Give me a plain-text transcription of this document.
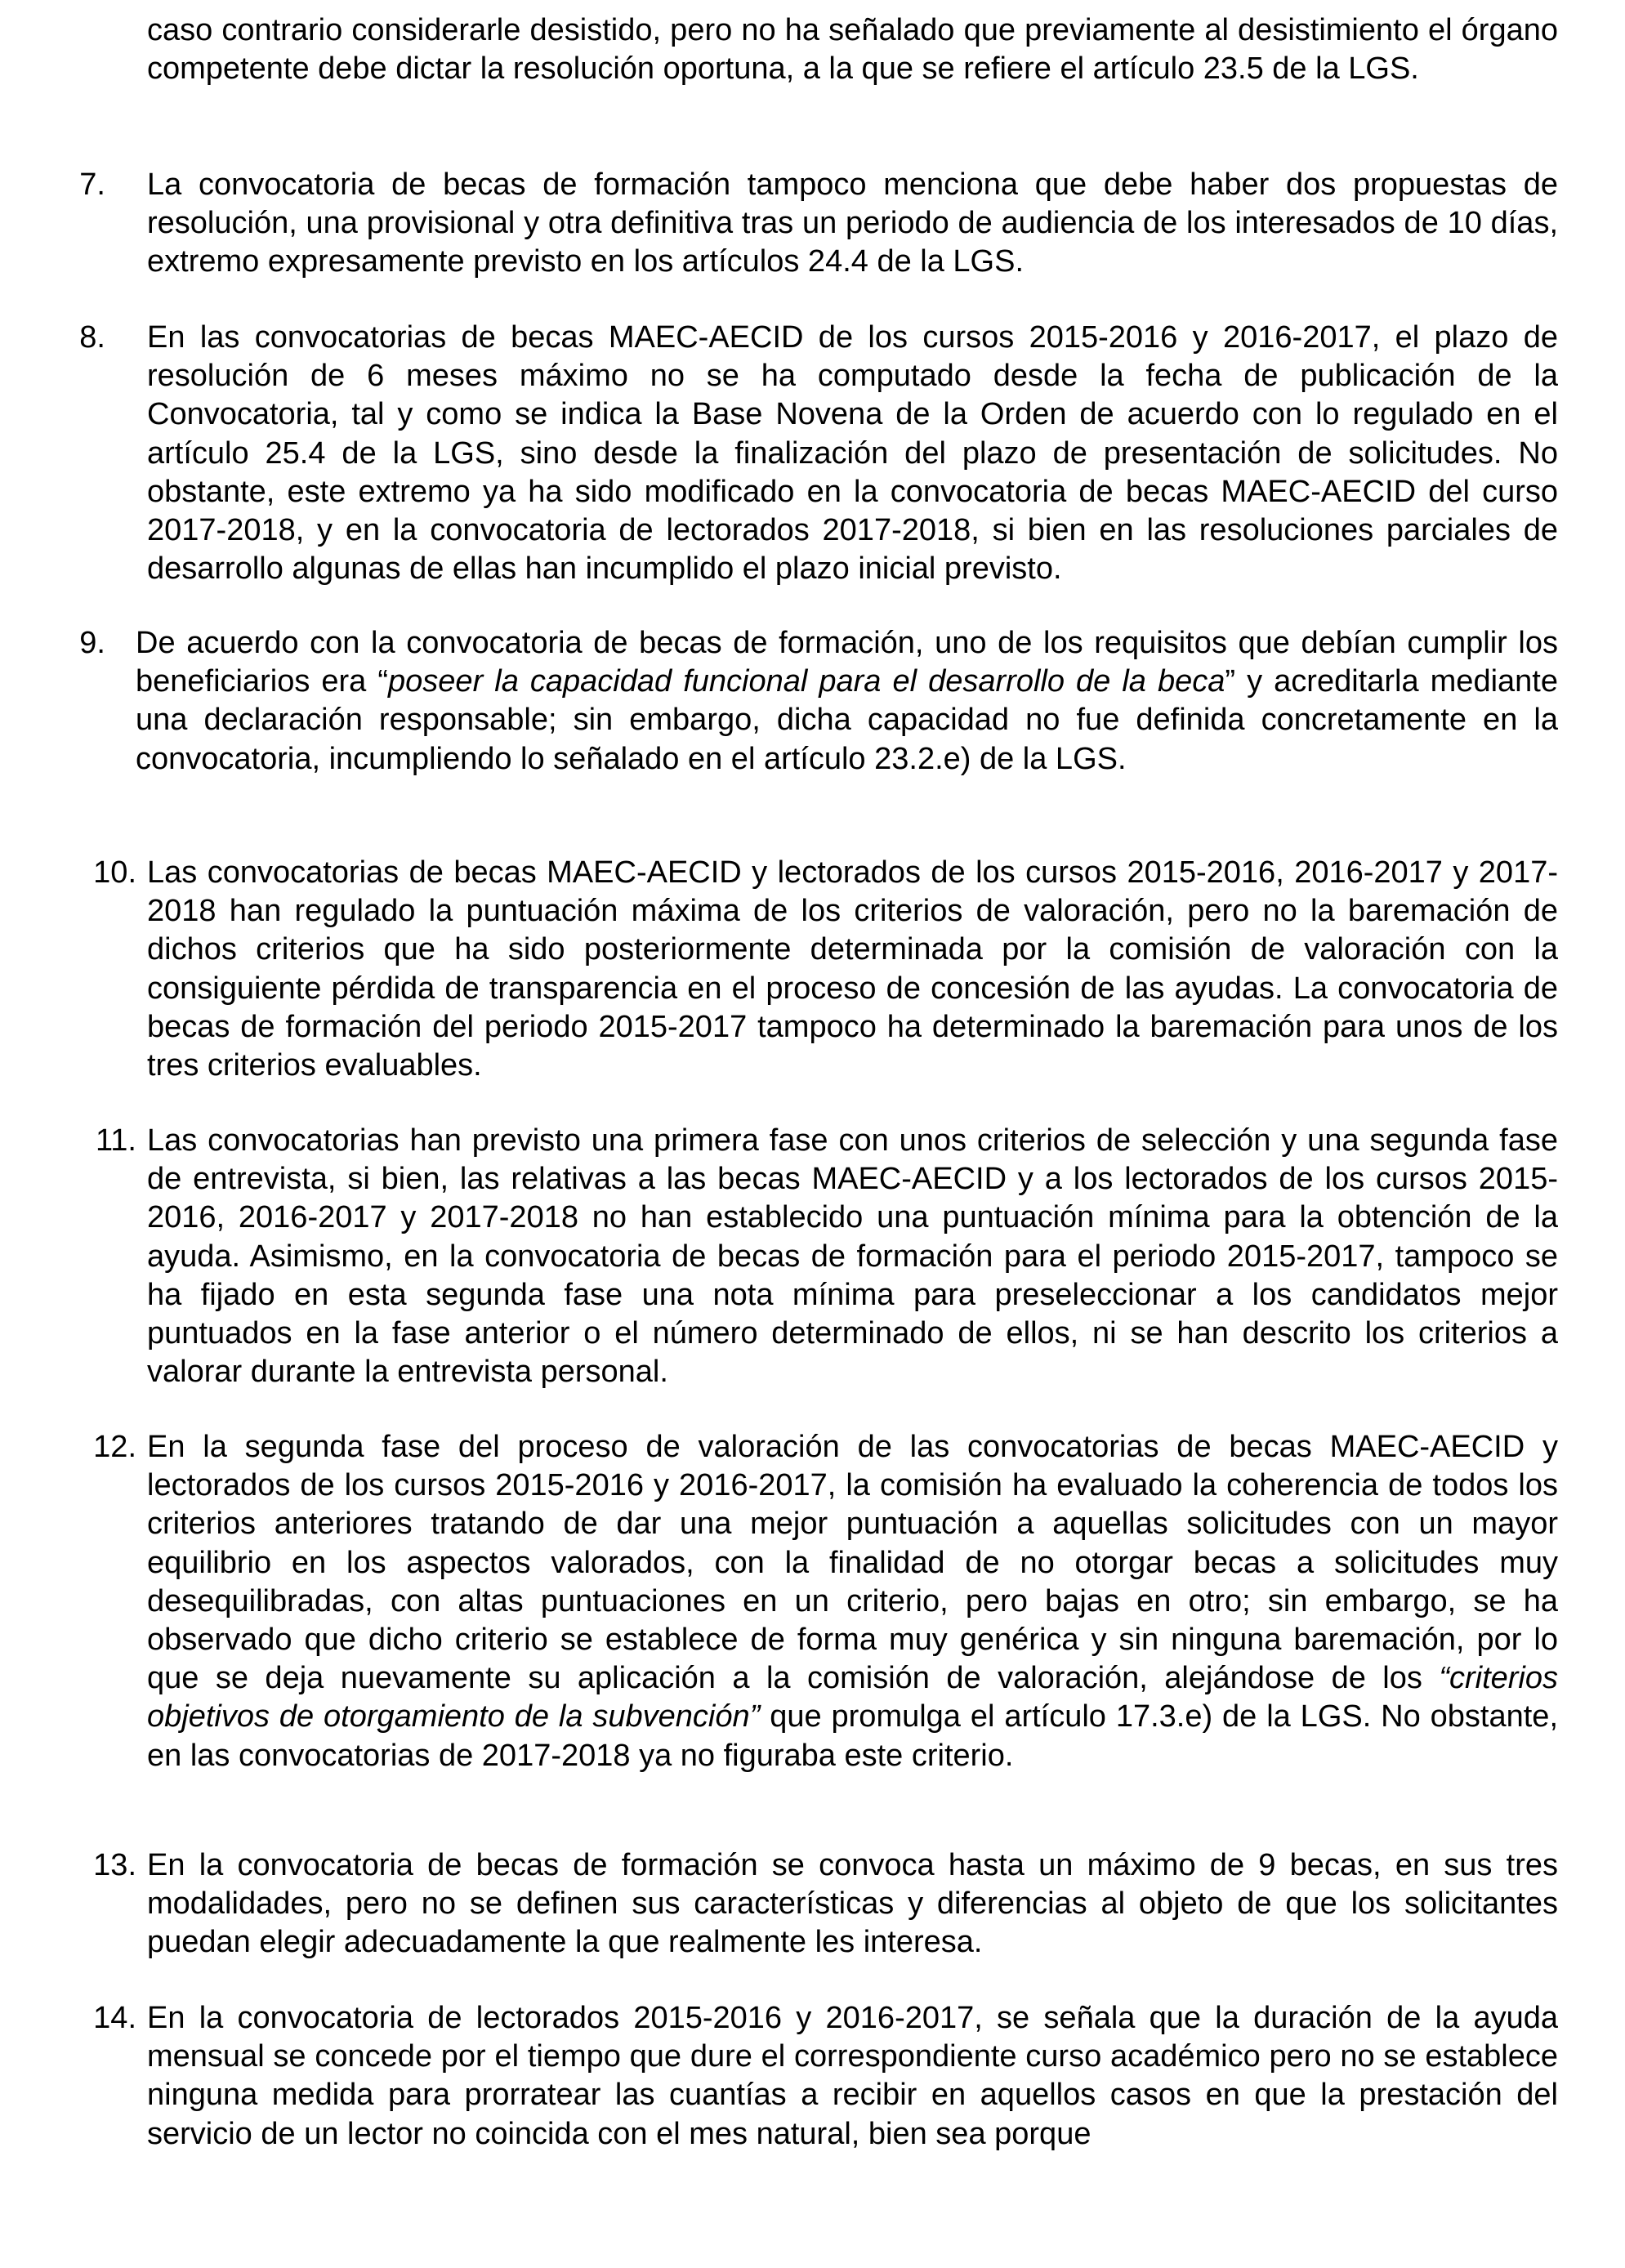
caso contrario considerarle desistido, pero no ha señalado que previamente al desistimiento el órgano competente debe dictar la resolución oportuna, a la que se refiere el artículo 23.5 de la LGS.

7. La convocatoria de becas de formación tampoco menciona que debe haber dos propuestas de resolución, una provisional y otra definitiva tras un periodo de audiencia de los interesados de 10 días, extremo expresamente previsto en los artículos 24.4 de la LGS.

8. En las convocatorias de becas MAEC-AECID de los cursos 2015-2016 y 2016-2017, el plazo de resolución de 6 meses máximo no se ha computado desde la fecha de publicación de la Convocatoria, tal y como se indica la Base Novena de la Orden de acuerdo con lo regulado en el artículo 25.4 de la LGS, sino desde la finalización del plazo de presentación de solicitudes. No obstante, este extremo ya ha sido modificado en la convocatoria de becas MAEC-AECID del curso 2017-2018, y en la convocatoria de lectorados 2017-2018, si bien en las resoluciones parciales de desarrollo algunas de ellas han incumplido el plazo inicial previsto.

9. De acuerdo con la convocatoria de becas de formación, uno de los requisitos que debían cumplir los beneficiarios era “poseer la capacidad funcional para el desarrollo de la beca” y acreditarla mediante una declaración responsable; sin embargo, dicha capacidad no fue definida concretamente en la convocatoria, incumpliendo lo señalado en el artículo 23.2.e) de la LGS.

10. Las convocatorias de becas MAEC-AECID y lectorados de los cursos 2015-2016, 2016-2017 y 2017-2018 han regulado la puntuación máxima de los criterios de valoración, pero no la baremación de dichos criterios que ha sido posteriormente determinada por la comisión de valoración con la consiguiente pérdida de transparencia en el proceso de concesión de las ayudas. La convocatoria de becas de formación del periodo 2015-2017 tampoco ha determinado la baremación para unos de los tres criterios evaluables.

11. Las convocatorias han previsto una primera fase con unos criterios de selección y una segunda fase de entrevista, si bien, las relativas a las becas MAEC-AECID y a los lectorados de los cursos 2015-2016, 2016-2017 y 2017-2018 no han establecido una puntuación mínima para la obtención de la ayuda. Asimismo, en la convocatoria de becas de formación para el periodo 2015-2017, tampoco se ha fijado en esta segunda fase una nota mínima para preseleccionar a los candidatos mejor puntuados en la fase anterior o el número determinado de ellos, ni se han descrito los criterios a valorar durante la entrevista personal.

12. En la segunda fase del proceso de valoración de las convocatorias de becas MAEC-AECID y lectorados de los cursos 2015-2016 y 2016-2017, la comisión ha evaluado la coherencia de todos los criterios anteriores tratando de dar una mejor puntuación a aquellas solicitudes con un mayor equilibrio en los aspectos valorados, con la finalidad de no otorgar becas a solicitudes muy desequilibradas, con altas puntuaciones en un criterio, pero bajas en otro; sin embargo, se ha observado que dicho criterio se establece de forma muy genérica y sin ninguna baremación, por lo que se deja nuevamente su aplicación a la comisión de valoración, alejándose de los “criterios objetivos de otorgamiento de la subvención” que promulga el artículo 17.3.e) de la LGS. No obstante, en las convocatorias de 2017-2018 ya no figuraba este criterio.

13. En la convocatoria de becas de formación se convoca hasta un máximo de 9 becas, en sus tres modalidades, pero no se definen sus características y diferencias al objeto de que los solicitantes puedan elegir adecuadamente la que realmente les interesa.

14. En la convocatoria de lectorados 2015-2016 y 2016-2017, se señala que la duración de la ayuda mensual se concede por el tiempo que dure el correspondiente curso académico pero no se establece ninguna medida para prorratear las cuantías a recibir en aquellos casos en que la prestación del servicio de un lector no coincida con el mes natural, bien sea porque
